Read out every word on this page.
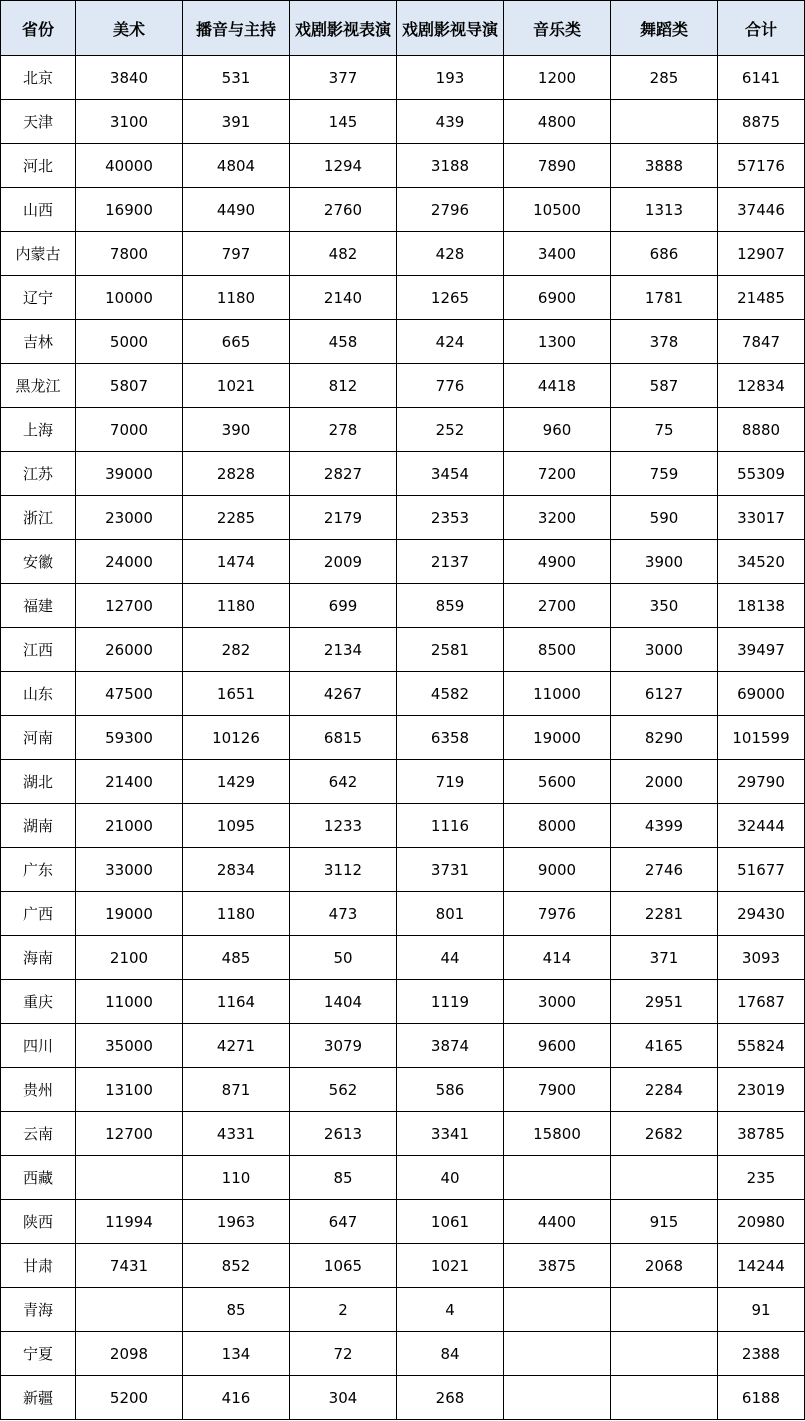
省份	美术	播音与主持	戏剧影视表演	戏剧影视导演	音乐类	舞蹈类	合计
北京	3840	531	377	193	1200	285	6141
天津	3100	391	145	439	4800		8875
河北	40000	4804	1294	3188	7890	3888	57176
山西	16900	4490	2760	2796	10500	1313	37446
内蒙古	7800	797	482	428	3400	686	12907
辽宁	10000	1180	2140	1265	6900	1781	21485
吉林	5000	665	458	424	1300	378	7847
黑龙江	5807	1021	812	776	4418	587	12834
上海	7000	390	278	252	960	75	8880
江苏	39000	2828	2827	3454	7200	759	55309
浙江	23000	2285	2179	2353	3200	590	33017
安徽	24000	1474	2009	2137	4900	3900	34520
福建	12700	1180	699	859	2700	350	18138
江西	26000	282	2134	2581	8500	3000	39497
山东	47500	1651	4267	4582	11000	6127	69000
河南	59300	10126	6815	6358	19000	8290	101599
湖北	21400	1429	642	719	5600	2000	29790
湖南	21000	1095	1233	1116	8000	4399	32444
广东	33000	2834	3112	3731	9000	2746	51677
广西	19000	1180	473	801	7976	2281	29430
海南	2100	485	50	44	414	371	3093
重庆	11000	1164	1404	1119	3000	2951	17687
四川	35000	4271	3079	3874	9600	4165	55824
贵州	13100	871	562	586	7900	2284	23019
云南	12700	4331	2613	3341	15800	2682	38785
西藏		110	85	40			235
陕西	11994	1963	647	1061	4400	915	20980
甘肃	7431	852	1065	1021	3875	2068	14244
青海		85	2	4			91
宁夏	2098	134	72	84			2388
新疆	5200	416	304	268			6188
